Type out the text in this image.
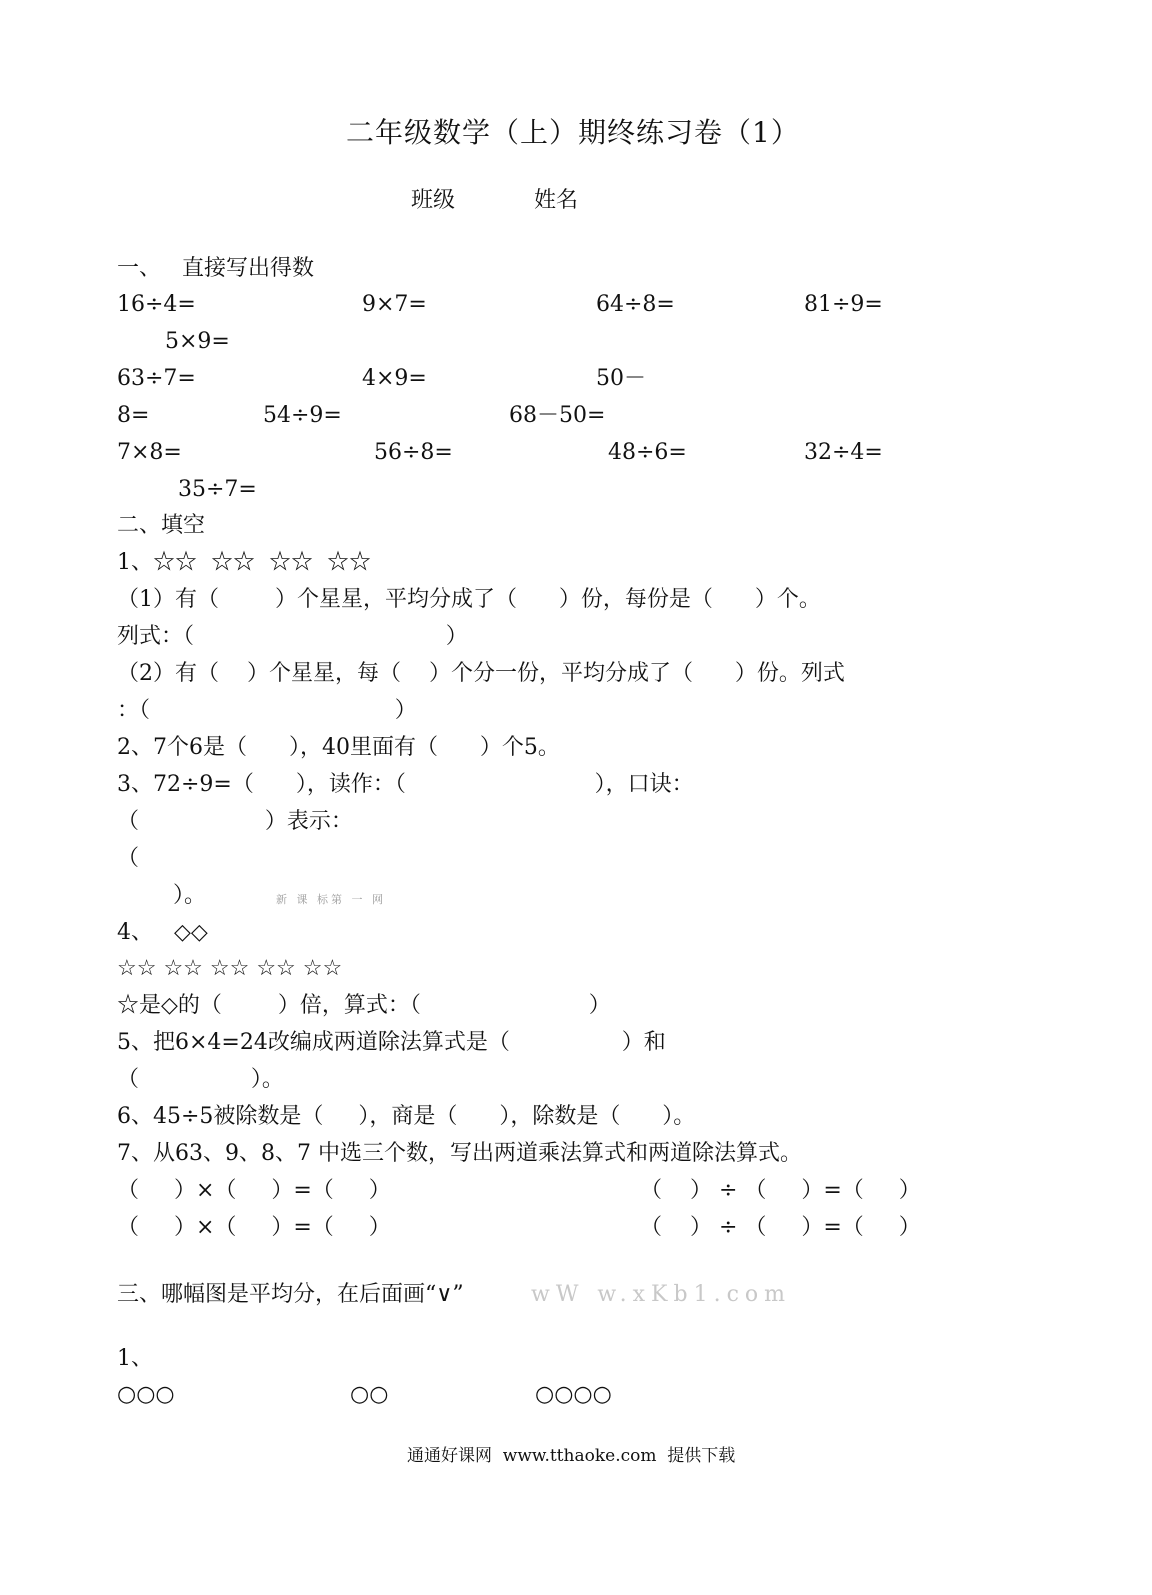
二年级数学（上）期终练习卷（1）
班级	姓名
一、   直接写出得数
16÷4=	9×7=	64÷8=	81÷9=
5×9=
63÷7=	4×9=	50－
8=	54÷9=	68－50=
7×8=	56÷8=	48÷6=	32÷4=
35÷7=
二、填空
1、☆☆  ☆☆  ☆☆  ☆☆
（1）有（        ）个星星，平均分成了（      ）份，每份是（      ）个。
列式：（                                    ）
（2）有（    ）个星星，每（    ）个分一份，平均分成了（      ）份。列式
：（                                   ）
2、7个6是（      ），40里面有（      ）个5。
3、72÷9=（      ），读作：（                           ），口诀：
（                  ）表示：
（
）。	新 课 标第 一 网
4、   ◇◇
☆☆ ☆☆ ☆☆ ☆☆ ☆☆
☆是◇的（        ）倍，算式：（                        ）
5、把6×4=24改编成两道除法算式是（                ）和
（                ）。
6、45÷5被除数是（     ），商是（      ），除数是（      ）。
7、从63、9、8、7 中选三个数，写出两道乘法算式和两道除法算式。
（     ）×（     ）=（     ）	（    ） ÷ （     ）=（     ）
（     ）×（     ）=（     ）	（    ） ÷ （     ）=（     ）
三、哪幅图是平均分，在后面画“∨”	wW w.xKb1.com
1、
○○○	○○	○○○○
通通好课网  www.tthaoke.com  提供下载
